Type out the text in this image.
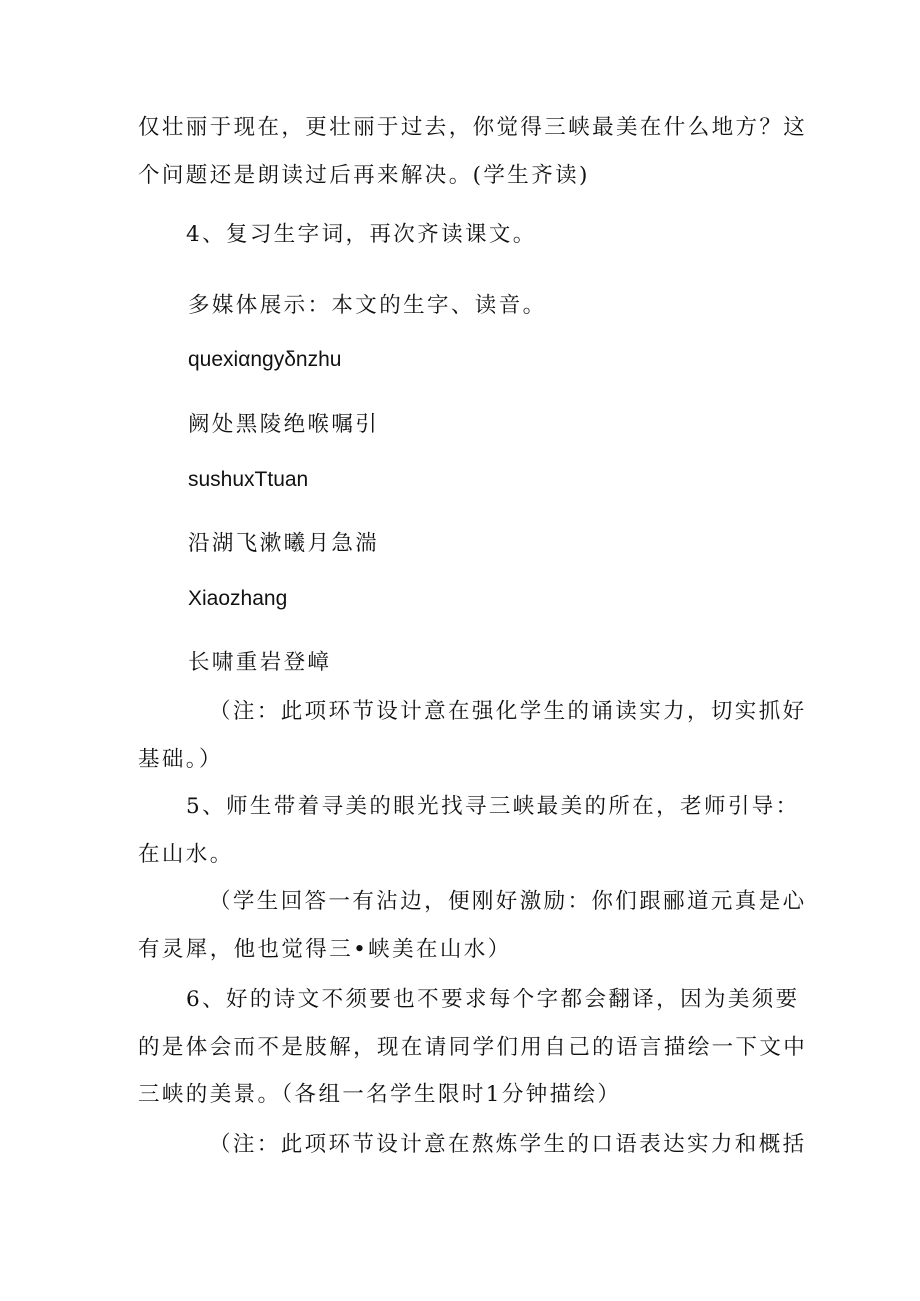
仅壮丽于现在，更壮丽于过去，你觉得三峡最美在什么地方？这
个问题还是朗读过后再来解决。(学生齐读)
4、复习生字词，再次齐读课文。
多媒体展示：本文的生字、读音。
quexiαngyδnzhu
阙处黑陵绝喉嘱引
sushuxTtuan
沿湖飞漱曦月急湍
Xiaozhang
长啸重岩登嶂
（注：此项环节设计意在强化学生的诵读实力，切实抓好
基础。）
5、师生带着寻美的眼光找寻三峡最美的所在，老师引导：
在山水。
（学生回答一有沾边，便刚好激励：你们跟郦道元真是心
有灵犀，他也觉得三•峡美在山水）
6、好的诗文不须要也不要求每个字都会翻译，因为美须要
的是体会而不是肢解，现在请同学们用自己的语言描绘一下文中
三峡的美景。（各组一名学生限时1分钟描绘）
（注：此项环节设计意在熬炼学生的口语表达实力和概括
